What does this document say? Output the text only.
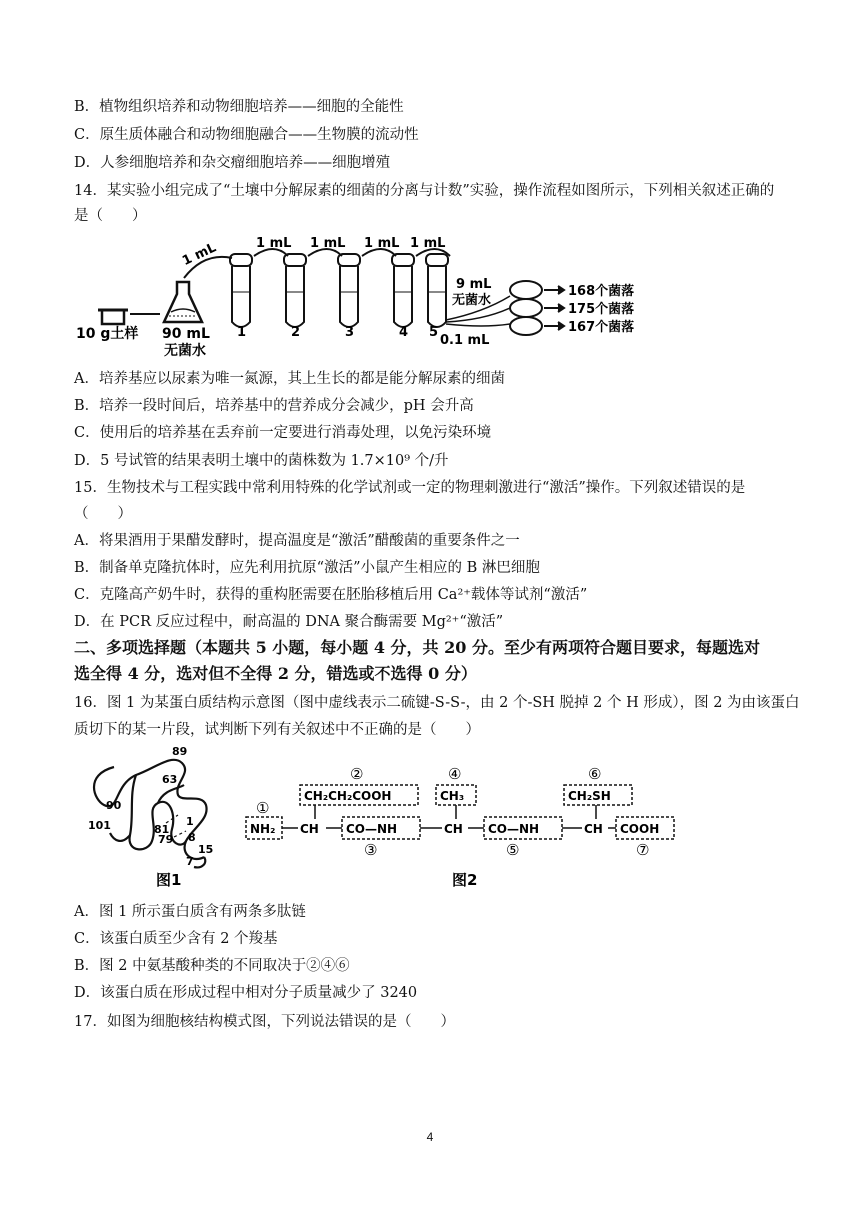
B．植物组织培养和动物细胞培养——细胞的全能性
C．原生质体融合和动物细胞融合——生物膜的流动性
D．人参细胞培养和杂交瘤细胞培养——细胞增殖
14．某实验小组完成了“土壤中分解尿素的细菌的分离与计数”实验，操作流程如图所示，下列相关叙述正确的
是（　　）
1 mL	1 mL 1 mL 1 mL 1 mL
10 g土样 90 mL
无菌水
1	2	3	4 5
9 mL
无菌水
0.1 mL
168个菌落
175个菌落
167个菌落
A．培养基应以尿素为唯一氮源，其上生长的都是能分解尿素的细菌
B．培养一段时间后，培养基中的营养成分会减少，pH 会升高
C．使用后的培养基在丢弃前一定要进行消毒处理，以免污染环境
D．5 号试管的结果表明土壤中的菌株数为 1.7×10⁹ 个/升
15．生物技术与工程实践中常利用特殊的化学试剂或一定的物理刺激进行“激活”操作。下列叙述错误的是
（　　）
A．将果酒用于果醋发酵时，提高温度是“激活”醋酸菌的重要条件之一
B．制备单克隆抗体时，应先利用抗原“激活”小鼠产生相应的 B 淋巴细胞
C．克隆高产奶牛时，获得的重构胚需要在胚胎移植后用 Ca²⁺载体等试剂“激活”
D．在 PCR 反应过程中，耐高温的 DNA 聚合酶需要 Mg²⁺“激活”
二、多项选择题（本题共 5 小题，每小题 4 分，共 20 分。至少有两项符合题目要求，每题选对
选全得 4 分，选对但不全得 2 分，错选或不选得 0 分）
16．图 1 为某蛋白质结构示意图（图中虚线表示二硫键-S-S-，由 2 个-SH 脱掉 2 个 H 形成），图 2 为由该蛋白
质切下的某一片段，试判断下列有关叙述中不正确的是（　　）
89
63
90
101	1
81
79 8
15
7
图1
①
②
③
④
⑤
⑥
⑦
NH₂
CH₂CH₂COOH
CO—NH
CH₃
CO—NH
CH₂SH
COOH
CH	CH	CH
图2
A．图 1 所示蛋白质含有两条多肽链
C．该蛋白质至少含有 2 个羧基
B．图 2 中氨基酸种类的不同取决于②④⑥
D．该蛋白质在形成过程中相对分子质量减少了 3240
17．如图为细胞核结构模式图，下列说法错误的是（　　）
4
